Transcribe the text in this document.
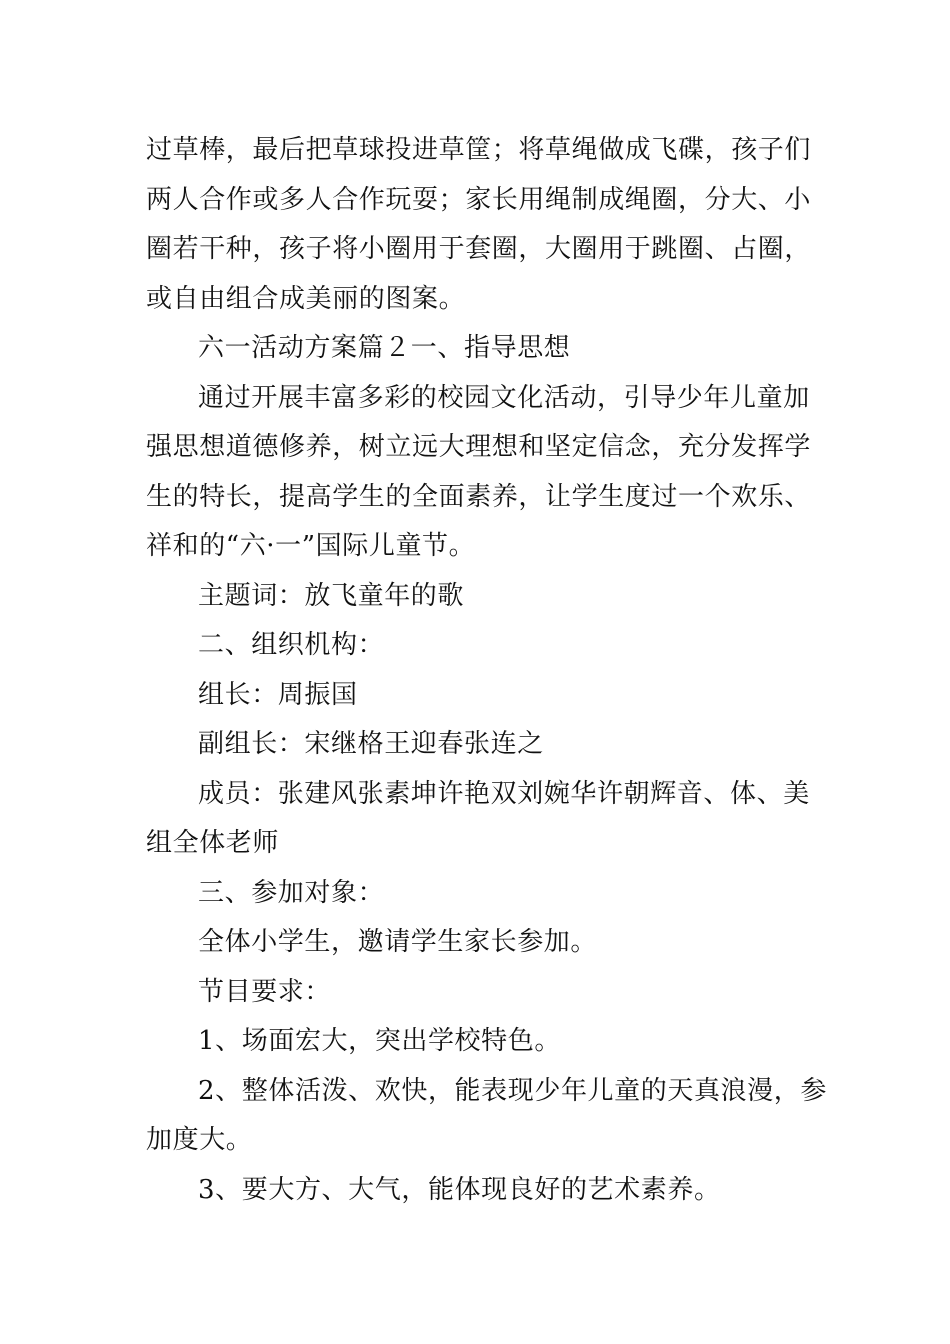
过草棒，最后把草球投进草筐；将草绳做成飞碟，孩子们
两人合作或多人合作玩耍；家长用绳制成绳圈，分大、小
圈若干种，孩子将小圈用于套圈，大圈用于跳圈、占圈，
或自由组合成美丽的图案。

六一活动方案篇２一、指导思想

通过开展丰富多彩的校园文化活动，引导少年儿童加
强思想道德修养，树立远大理想和坚定信念，充分发挥学
生的特长，提高学生的全面素养，让学生度过一个欢乐、
祥和的“六·一”国际儿童节。

主题词：放飞童年的歌

二、组织机构：

组长：周振国

副组长：宋继格王迎春张连之

成员：张建风张素坤许艳双刘婉华许朝辉音、体、美
组全体老师

三、参加对象：

全体小学生，邀请学生家长参加。

节目要求：

1、场面宏大，突出学校特色。

2、整体活泼、欢快，能表现少年儿童的天真浪漫，参
加度大。

3、要大方、大气，能体现良好的艺术素养。
